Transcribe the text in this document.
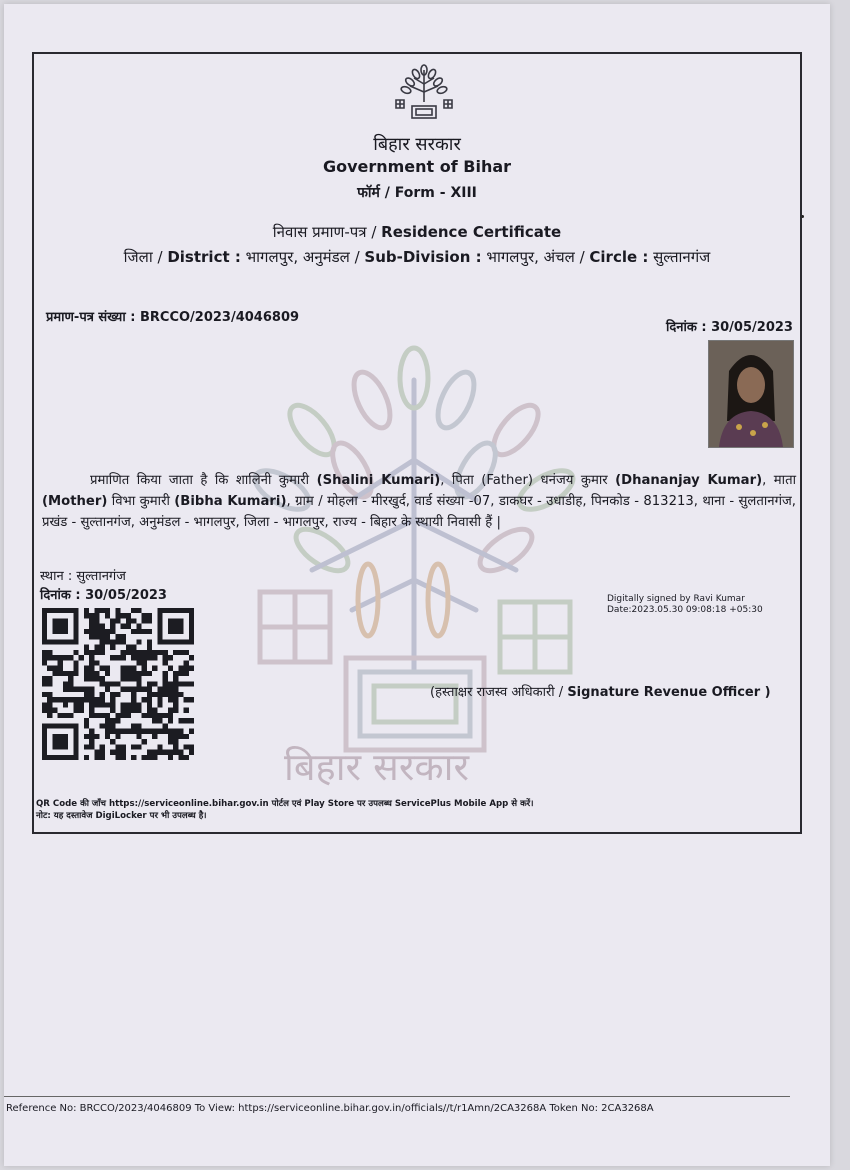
बिहार सरकार
Government of Bihar
फॉर्म / Form - XIII
निवास प्रमाण-पत्र / Residence Certificate
जिला / District : भागलपुर, अनुमंडल / Sub-Division : भागलपुर, अंचल / Circle : सुल्तानगंज
प्रमाण-पत्र संख्या : BRCCO/2023/4046809
दिनांक : 30/05/2023
बिहार सरकार
प्रमाणित किया जाता है कि शालिनी कुमारी (Shalini Kumari), पिता (Father) धनंजय कुमार (Dhananjay Kumar), माता (Mother) विभा कुमारी (Bibha Kumari), ग्राम / मोहला - मीरखुर्द, वार्ड संख्या -07, डाकघर - उधाडीह, पिनकोड - 813213, थाना - सुलतानगंज, प्रखंड - सुल्तानगंज, अनुमंडल - भागलपुर, जिला - भागलपुर, राज्य - बिहार के स्थायी निवासी हैं |
स्थान : सुल्तानगंज
दिनांक : 30/05/2023	Digitally signed by Ravi Kumar
Date:2023.05.30 09:08:18 +05:30
(हस्ताक्षर राजस्व अधिकारी / Signature Revenue Officer )
QR Code की जाँच https://serviceonline.bihar.gov.in पोर्टल एवं Play Store पर उपलब्ध ServicePlus Mobile App से करें।
नोट: यह दस्तावेज DigiLocker पर भी उपलब्ध है।
Reference No: BRCCO/2023/4046809 To View: https://serviceonline.bihar.gov.in/officials//t/r1Amn/2CA3268A Token No: 2CA3268A
